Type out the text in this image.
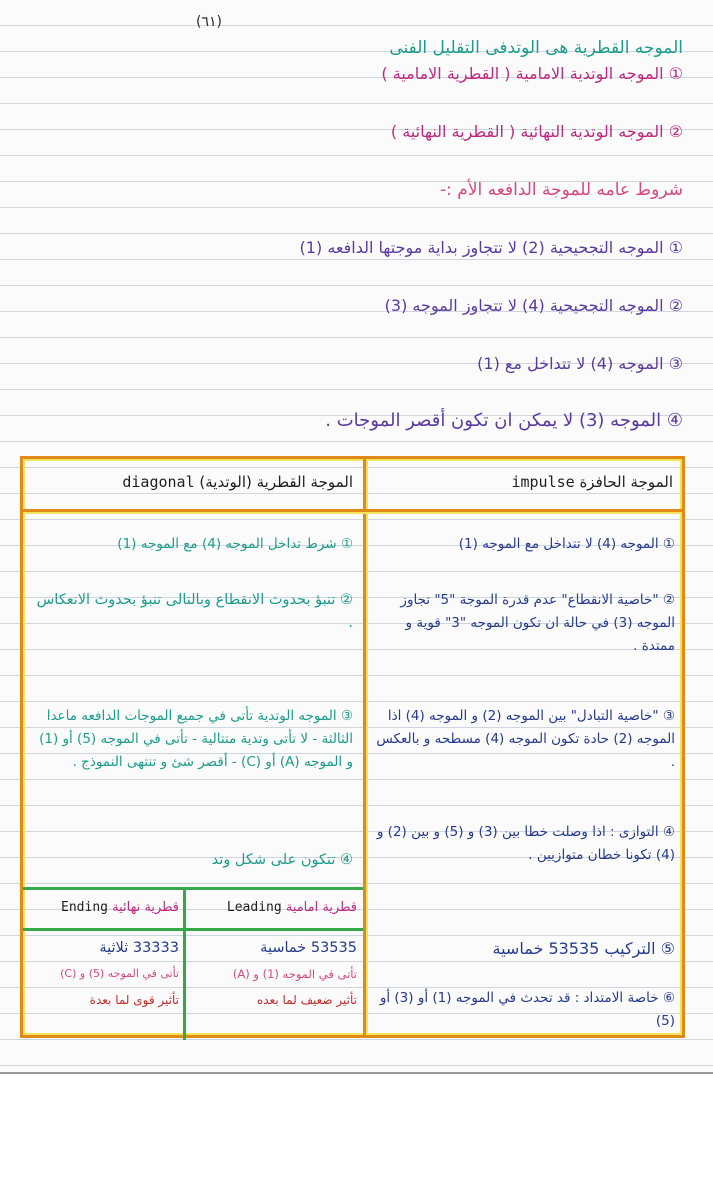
(٦١)
الموجه القطرية هى الوتدفى التقليل الفنى
① الموجه الوتدية الامامية ( القطرية الامامية )
② الموجه الوتدية النهائية ( القطرية النهائية )
شروط عامه للموجة الدافعه الأم :-
① الموجه التجحيحية (2) لا تتجاوز بداية موجتها الدافعه (1)
② الموجه التجحيحية (4) لا تتجاوز الموجه (3)
③ الموجه (4) لا تتداخل مع (1)
④ الموجه (3) لا يمكن ان تكون أقصر الموجات .
الموجة الحافزة impulse
الموجة القطرية (الوتدية) diagonal

① الموجه (4) لا تتداخل مع الموجه (1)

② "خاصية الانقطاع" عدم قدرة الموجة "5" تجاوز الموجه (3) في حالة ان تكون الموجه "3" قوية و ممتدة .

③ "خاصية التبادل" بين الموجه (2) و الموجه (4) اذا الموجه (2) حادة تكون الموجه (4) مسطحه و بالعكس .

④ التوازى : اذا وصلت خطا بين (3) و (5) و بين (2) و (4) تكونا خطان متوازيين .

⑤ التركيب 53535 خماسية

⑥ خاصة الامتداد : قد تحدث في الموجه (1) أو (3) أو (5)

① شرط تداخل الموجه (4) مع الموجه (1)

② تنبؤ بحدوث الانقطاع وبالتالى تنبؤ بحدوث الانعكاس .

③ الموجه الوتدية تأتى في جميع الموجات الدافعه ماعدا الثالثة - لا تأتى وتدية متتالية - تأتى في الموجه (5) أو (1) و الموجه (A) أو (C) - أقصر شئ و تنتهى النموذج .

④ تتكون على شكل وتد

قطرية امامية Leading
قطرية نهائية Ending
53535 خماسية
تأتى في الموجه (1) و (A)
تأثير ضعيف لما بعده
33333 ثلاثية
تأتى في الموجه (5) و (C)
تأثير قوى لما بعدة
